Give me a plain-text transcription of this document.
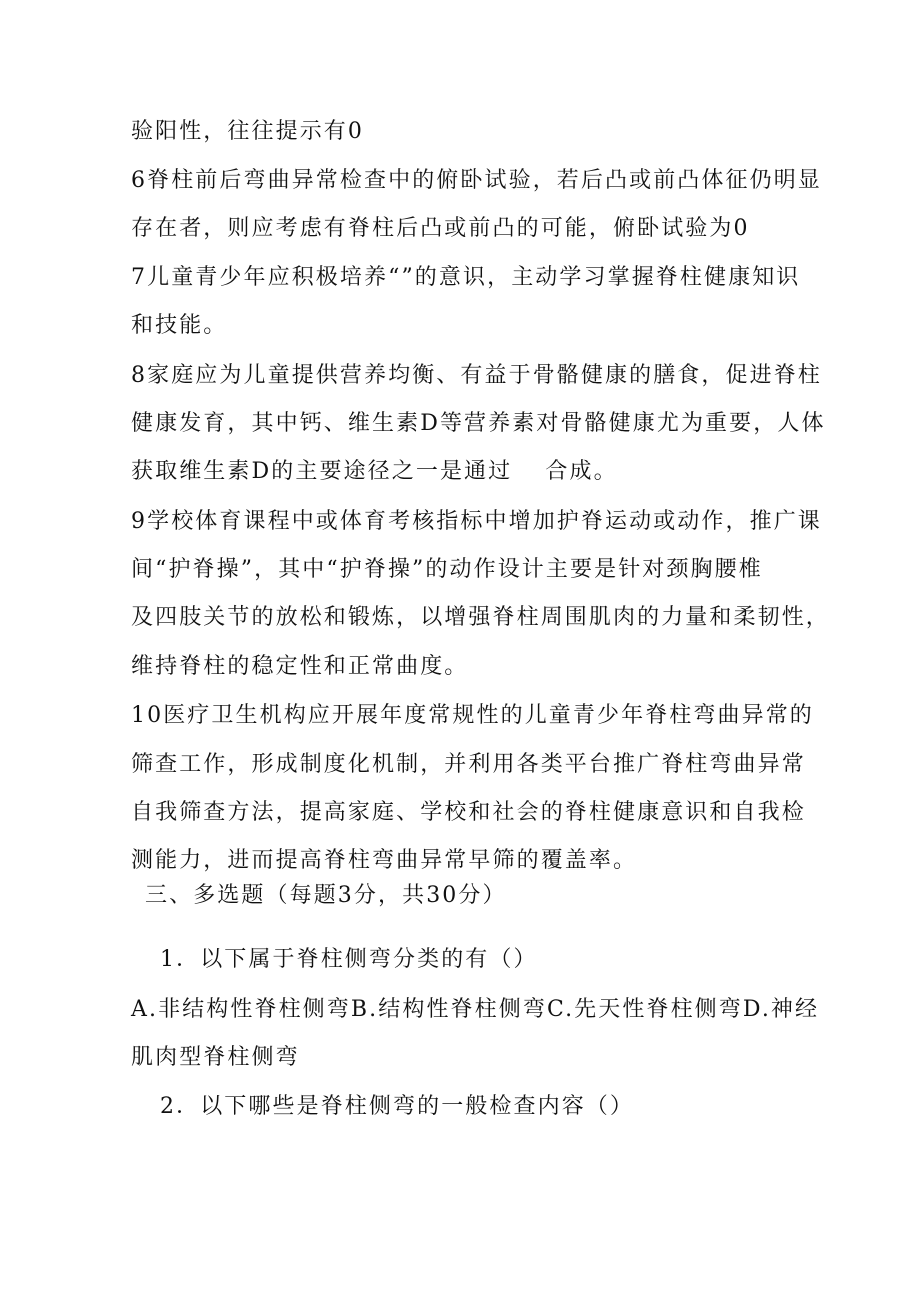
验阳性，往往提示有0
6脊柱前后弯曲异常检查中的俯卧试验，若后凸或前凸体征仍明显
存在者，则应考虑有脊柱后凸或前凸的可能，俯卧试验为0
7儿童青少年应积极培养“”的意识，主动学习掌握脊柱健康知识
和技能。
8家庭应为儿童提供营养均衡、有益于骨骼健康的膳食，促进脊柱
健康发育，其中钙、维生素D等营养素对骨骼健康尤为重要，人体
获取维生素D的主要途径之一是通过　 合成。
9学校体育课程中或体育考核指标中增加护脊运动或动作，推广课
间“护脊操”，其中“护脊操”的动作设计主要是针对颈胸腰椎
及四肢关节的放松和锻炼，以增强脊柱周围肌肉的力量和柔韧性，
维持脊柱的稳定性和正常曲度。
10医疗卫生机构应开展年度常规性的儿童青少年脊柱弯曲异常的
筛查工作，形成制度化机制，并利用各类平台推广脊柱弯曲异常
自我筛查方法，提高家庭、学校和社会的脊柱健康意识和自我检
测能力，进而提高脊柱弯曲异常早筛的覆盖率。
三、多选题（每题3分，共30分）
1．以下属于脊柱侧弯分类的有（）
A.非结构性脊柱侧弯B.结构性脊柱侧弯C.先天性脊柱侧弯D.神经
肌肉型脊柱侧弯
2．以下哪些是脊柱侧弯的一般检查内容（）
